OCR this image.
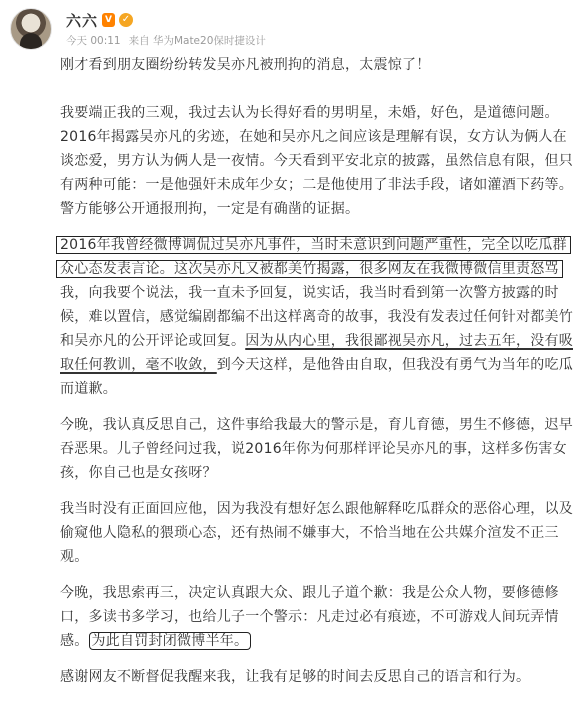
六六 V ✓
今天 00:11 来自 华为Mate20保时捷设计

刚才看到朋友圈纷纷转发吴亦凡被刑拘的消息，太震惊了！

我要端正我的三观，我过去认为长得好看的男明星，未婚，好色，是道德问题。2016年揭露吴亦凡的劣迹，在她和吴亦凡之间应该是理解有误，女方认为俩人在谈恋爱，男方认为俩人是一夜情。今天看到平安北京的披露，虽然信息有限，但只有两种可能：一是他强奸未成年少女；二是他使用了非法手段，诸如灌酒下药等。警方能够公开通报刑拘，一定是有确凿的证据。

2016年我曾经微博调侃过吴亦凡事件，当时未意识到问题严重性，完全以吃瓜群众心态发表言论。这次吴亦凡又被都美竹揭露，很多网友在我微博微信里责怒骂我，向我要个说法，我一直未予回复，说实话，我当时看到第一次警方披露的时候，难以置信，感觉编剧都编不出这样离奇的故事，我没有发表过任何针对都美竹和吴亦凡的公开评论或回复。因为从内心里，我很鄙视吴亦凡，过去五年，没有吸取任何教训，毫不收敛，到今天这样，是他咎由自取，但我没有勇气为当年的吃瓜而道歉。

今晚，我认真反思自己，这件事给我最大的警示是，育儿育德，男生不修德，迟早吞恶果。儿子曾经问过我，说2016年你为何那样评论吴亦凡的事，这样多伤害女孩，你自己也是女孩呀？

我当时没有正面回应他，因为我没有想好怎么跟他解释吃瓜群众的恶俗心理，以及偷窥他人隐私的猥琐心态，还有热闹不嫌事大，不恰当地在公共媒介渲发不正三观。

今晚，我思索再三，决定认真跟大众、跟儿子道个歉：我是公众人物，要修德修口，多读书多学习，也给儿子一个警示：凡走过必有痕迹，不可游戏人间玩弄情感。 为此自罚封闭微博半年。

感谢网友不断督促我醒来我，让我有足够的时间去反思自己的语言和行为。
